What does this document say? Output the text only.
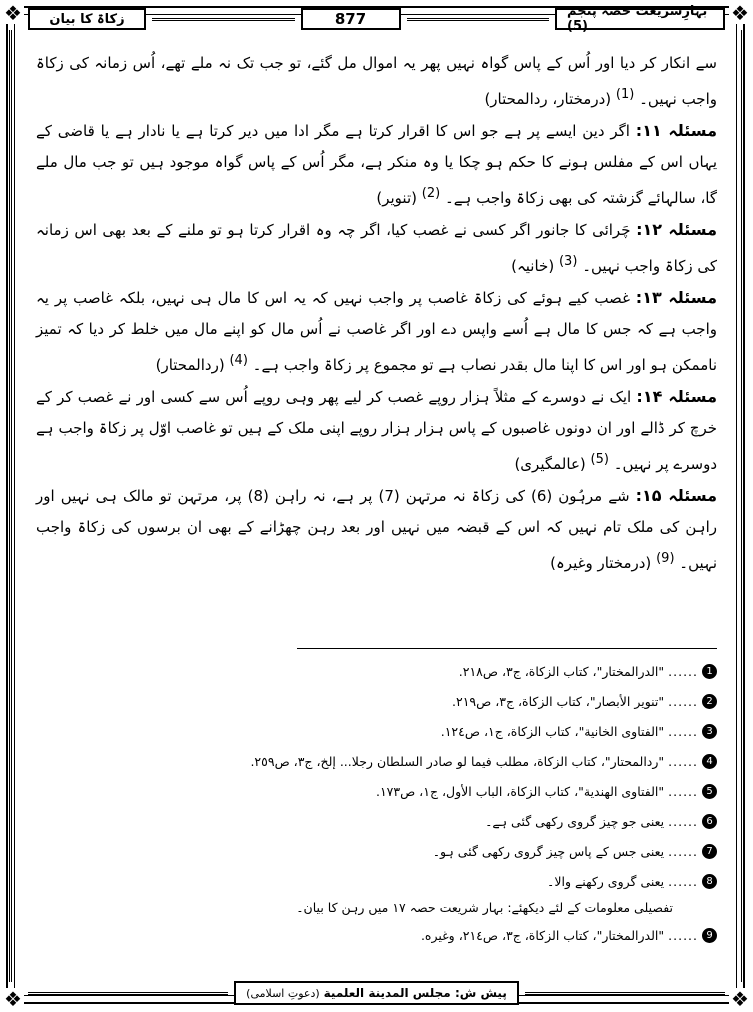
❖	❖
❖	❖
زکاۃ کا بیان	877	بہارِشریعت حصہ پنجم (5)

سے انکار کر دیا اور اُس کے پاس گواہ نہیں پھر یہ اموال مل گئے، تو جب تک نہ ملے تھے، اُس زمانہ کی زکاۃ واجب نہیں۔ $^{(1)}$ (درمختار، ردالمحتار)

مسئلہ ۱۱: اگر دین ایسے پر ہے جو اس کا اقرار کرتا ہے مگر ادا میں دیر کرتا ہے یا نادار ہے یا قاضی کے یہاں اس کے مفلس ہونے کا حکم ہو چکا یا وہ منکر ہے، مگر اُس کے پاس گواہ موجود ہیں تو جب مال ملے گا، سالہائے گزشتہ کی بھی زکاۃ واجب ہے۔ $^{(2)}$ (تنویر)

مسئلہ ۱۲: چَرائی کا جانور اگر کسی نے غصب کیا، اگر چہ وہ اقرار کرتا ہو تو ملنے کے بعد بھی اس زمانہ کی زکاۃ واجب نہیں۔ $^{(3)}$ (خانیہ)

مسئلہ ۱۳: غصب کیے ہوئے کی زکاۃ غاصب پر واجب نہیں کہ یہ اس کا مال ہی نہیں، بلکہ غاصب پر یہ واجب ہے کہ جس کا مال ہے اُسے واپس دے اور اگر غاصب نے اُس مال کو اپنے مال میں خلط کر دیا کہ تمیز ناممکن ہو اور اس کا اپنا مال بقدر نصاب ہے تو مجموع پر زکاۃ واجب ہے۔ $^{(4)}$ (ردالمحتار)

مسئلہ ۱۴: ایک نے دوسرے کے مثلاً ہزار روپے غصب کر لیے پھر وہی روپے اُس سے کسی اور نے غصب کر کے خرچ کر ڈالے اور ان دونوں غاصبوں کے پاس ہزار ہزار روپے اپنی ملک کے ہیں تو غاصب اوّل پر زکاۃ واجب ہے دوسرے پر نہیں۔ $^{(5)}$ (عالمگیری)

مسئلہ ۱۵: شے مرہُون (6) کی زکاۃ نہ مرتہن (7) پر ہے، نہ راہن (8) پر، مرتہن تو مالک ہی نہیں اور راہن کی ملک تام نہیں کہ اس کے قبضہ میں نہیں اور بعد رہن چھڑانے کے بھی ان برسوں کی زکاۃ واجب نہیں۔ $^{(9)}$ (درمختار وغیرہ)

1
......
"الدرالمختار"، كتاب الزكاة، ج٣، ص٢١٨.
2
......
"تنوير الأبصار"، كتاب الزكاة، ج٣، ص٢١٩.
3
......
"الفتاوى الخانية"، كتاب الزكاة، ج١، ص١٢٤.
4
......
"ردالمحتار"، كتاب الزكاة، مطلب فيما لو صادر السلطان رجلا... إلخ، ج٣، ص٢٥٩.
5
......
"الفتاوى الهندية"، كتاب الزكاة، الباب الأول، ج١، ص١٧٣.
6
......
یعنی جو چیز گروی رکھی گئی ہے۔
7
......
یعنی جس کے پاس چیز گروی رکھی گئی ہو۔
8
......
یعنی گروی رکھنے والا۔
تفصیلی معلومات کے لئے دیکھئے: بہار شریعت حصہ ۱۷ میں رہن کا بیان۔
9
......
"الدرالمختار"، كتاب الزكاة، ج٣، ص٢١٤، وغيره.
پیش ش:

مجلس المدينة العلمية
(دعوتِ اسلامی)
